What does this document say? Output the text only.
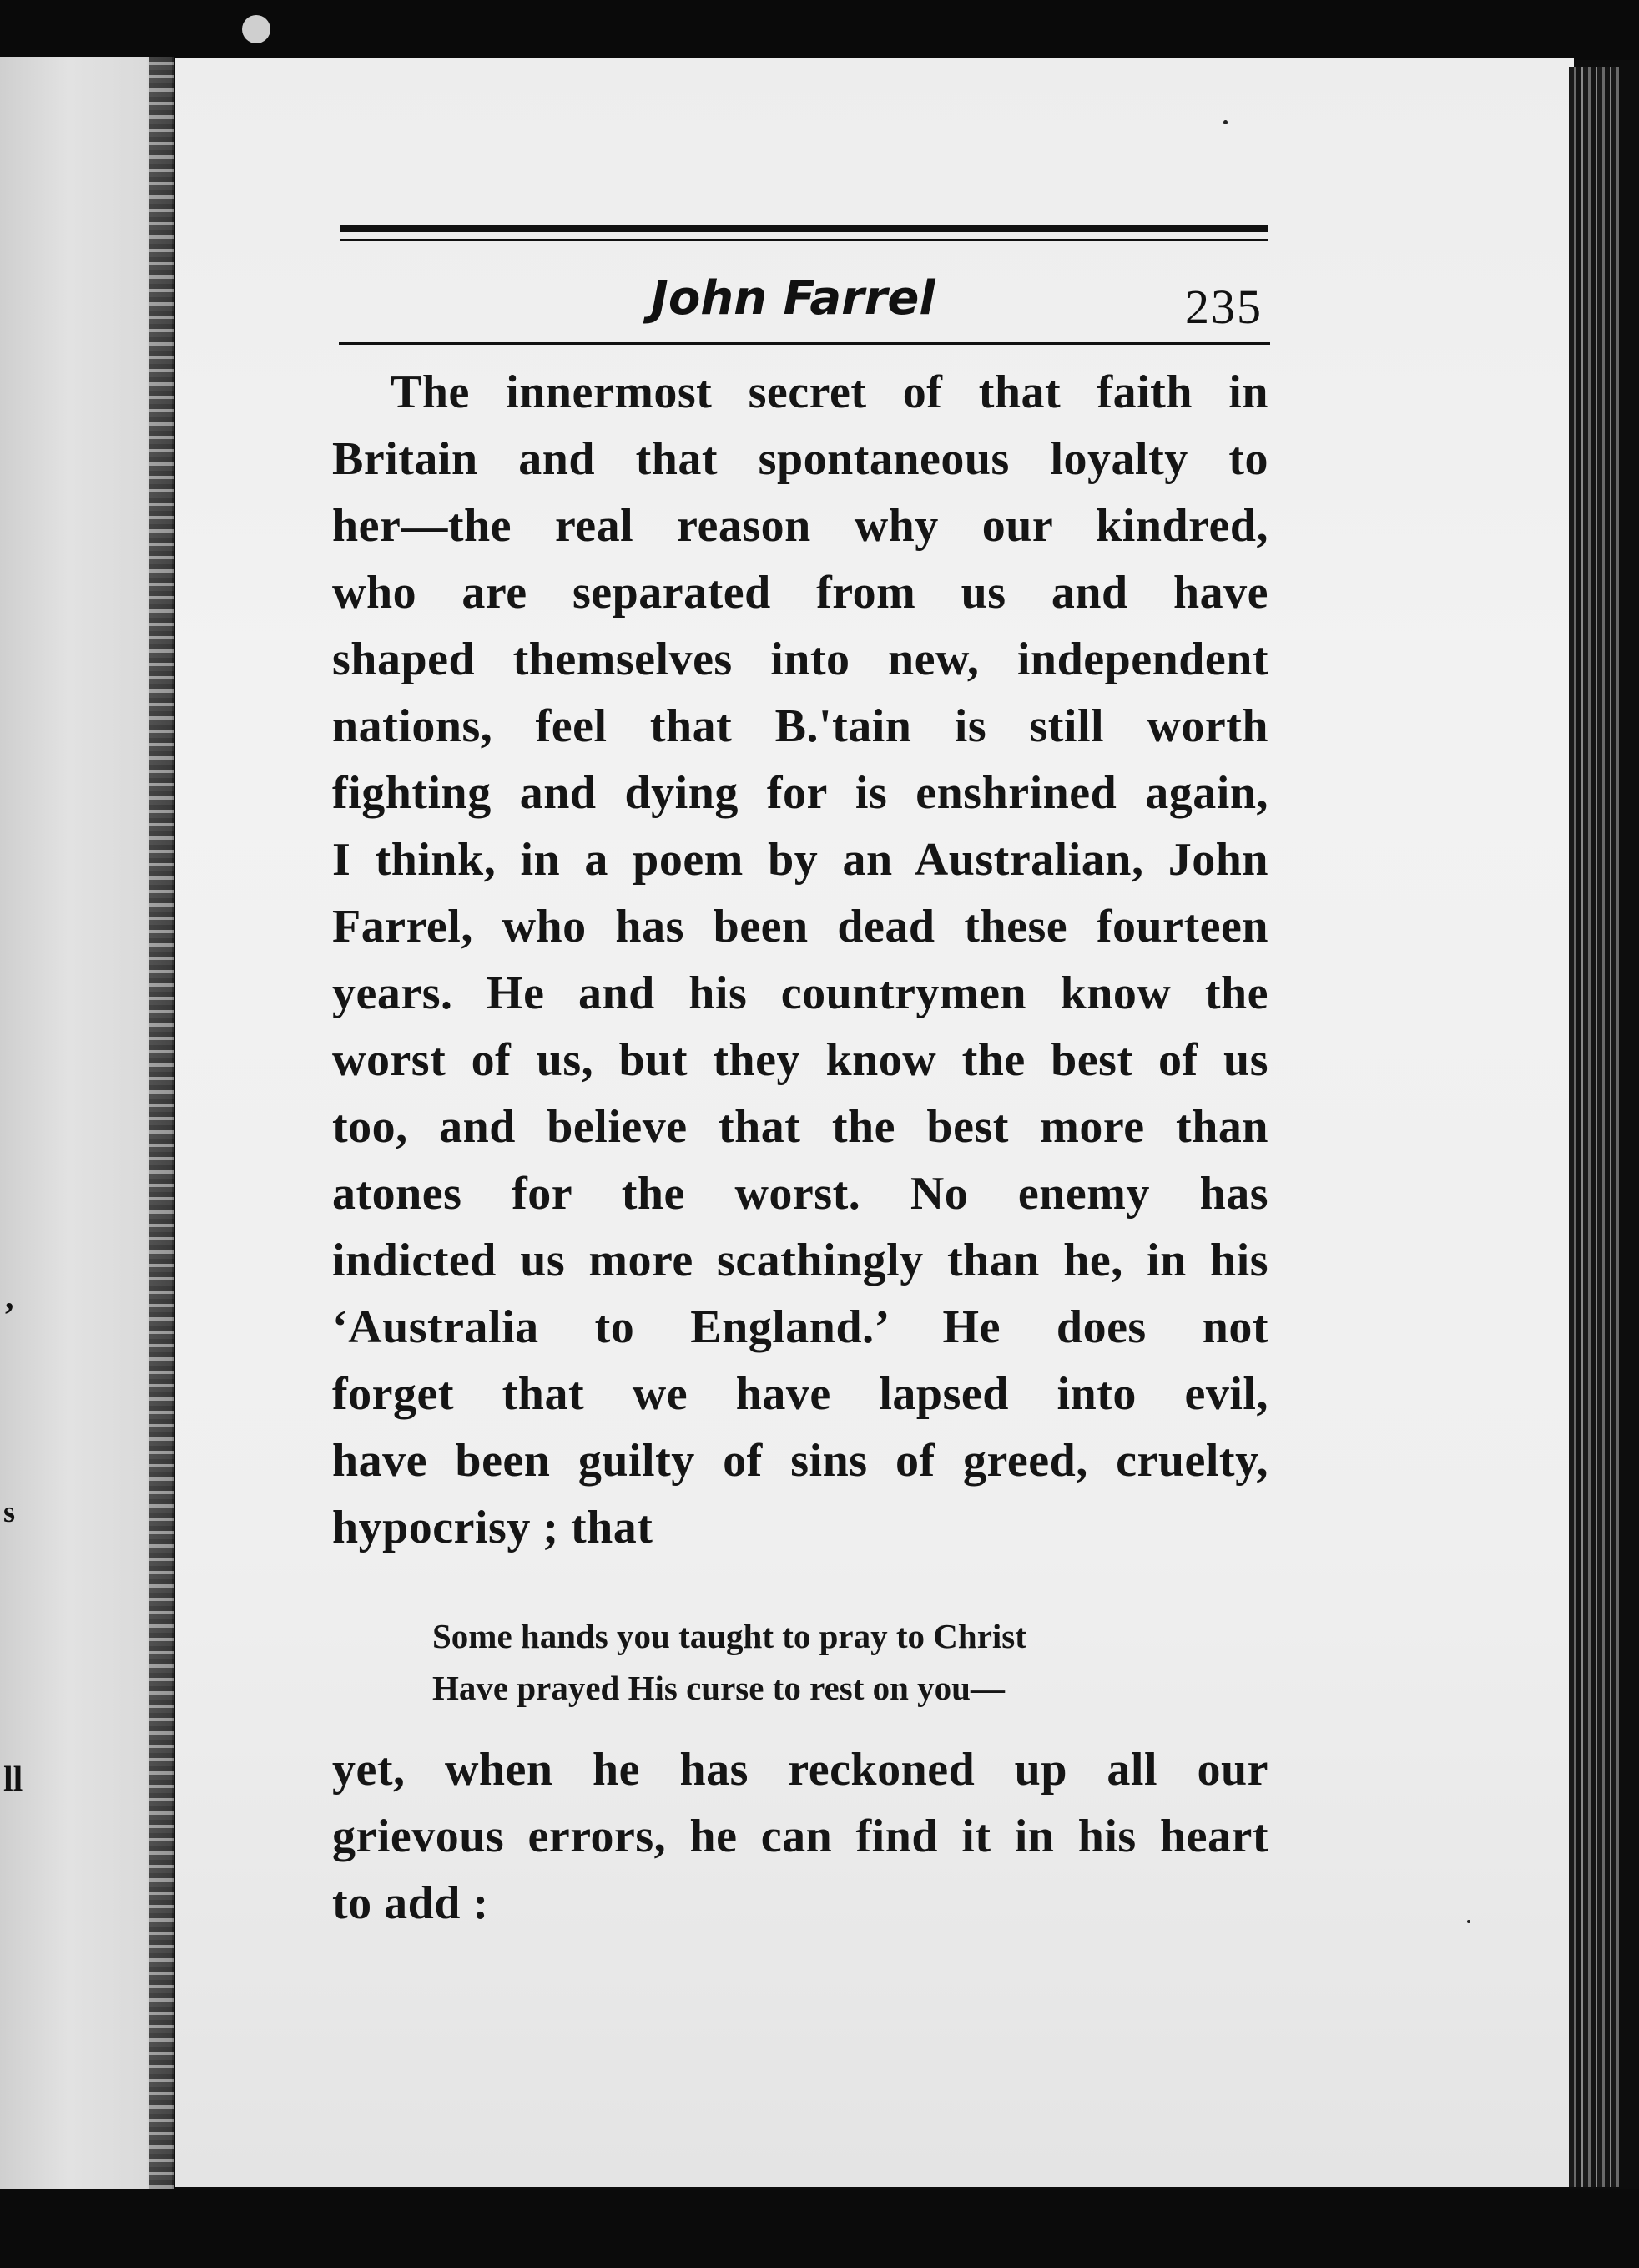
,
s
ll
John Farrel	235
The innermost secret of that faith in
Britain and that spontaneous loyalty to
her—the real reason why our kindred,
who are separated from us and have
shaped themselves into new, independent
nations, feel that B.'tain is still worth
fighting and dying for is enshrined again,
I think, in a poem by an Australian, John
Farrel, who has been dead these fourteen
years. He and his countrymen know the
worst of us, but they know the best of us
too, and believe that the best more than
atones for the worst. No enemy has
indicted us more scathingly than he, in his
‘Australia to England.’ He does not
forget that we have lapsed into evil,
have been guilty of sins of greed, cruelty,
hypocrisy ; that
Some hands you taught to pray to Christ
Have prayed His curse to rest on you—
yet, when he has reckoned up all our
grievous errors, he can find it in his heart
to add :
